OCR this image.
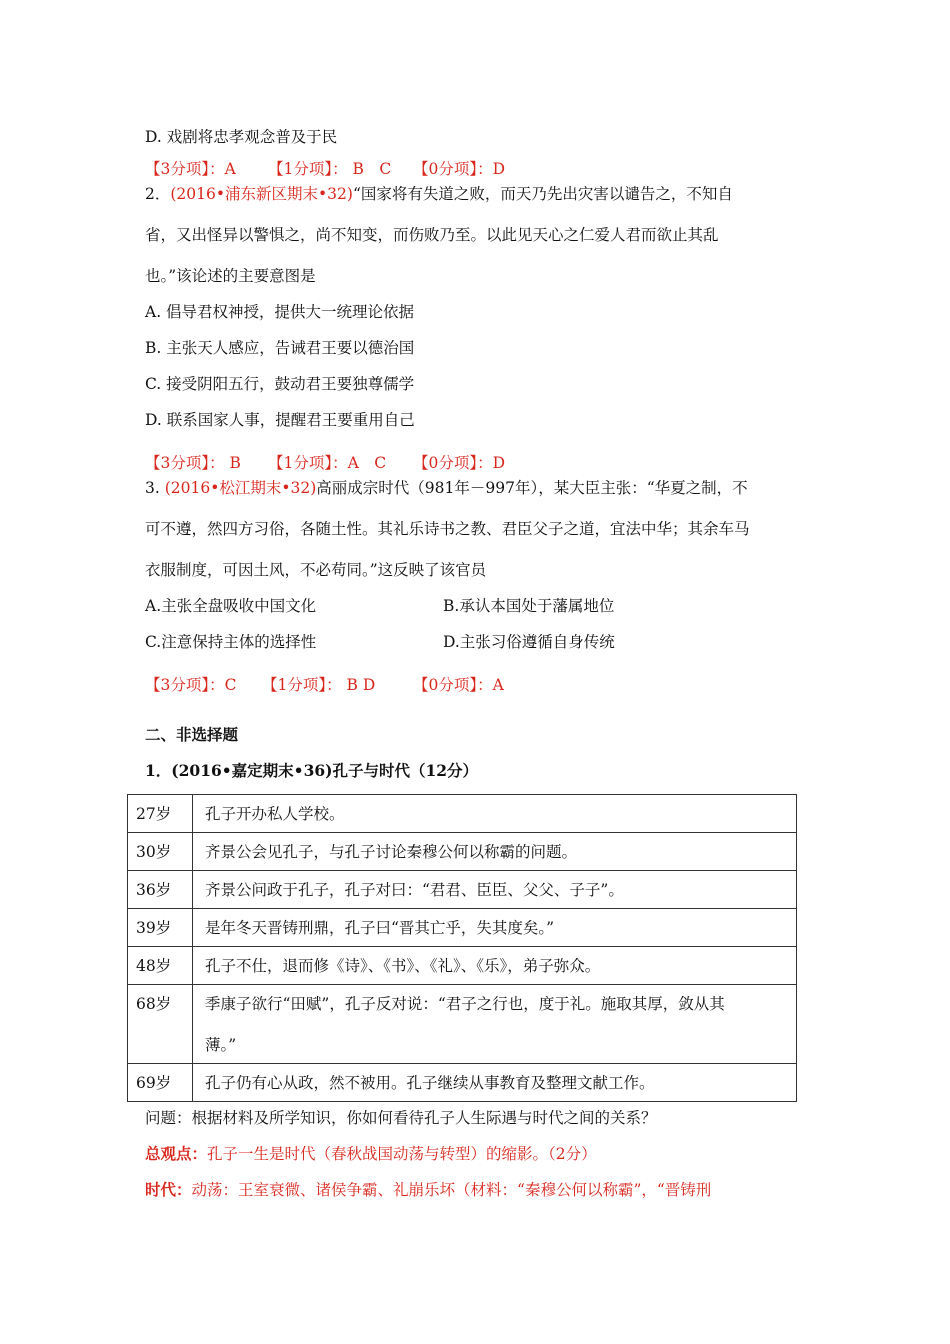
D. 戏剧将忠孝观念普及于民
【3分项】：A 【1分项】： B　C 【0分项】：D
2．(2016•浦东新区期末•32)“国家将有失道之败，而天乃先出灾害以谴告之，不知自
省，又出怪异以警惧之，尚不知变，而伤败乃至。以此见天心之仁爱人君而欲止其乱
也。”该论述的主要意图是
A. 倡导君权神授，提供大一统理论依据
B. 主张天人感应，告诫君王要以德治国
C. 接受阴阳五行，鼓动君王要独尊儒学
D. 联系国家人事，提醒君王要重用自己
【3分项】： B 【1分项】：A　C 【0分项】：D
3. (2016•松江期末•32)高丽成宗时代（981年－997年），某大臣主张：“华夏之制，不
可不遵，然四方习俗，各随土性。其礼乐诗书之教、君臣父子之道，宜法中华；其余车马
衣服制度，可因土风，不必苟同。”这反映了该官员
A.主张全盘吸收中国文化	B.承认本国处于藩属地位
C.注意保持主体的选择性	D.主张习俗遵循自身传统
【3分项】：C 【1分项】： B D 【0分项】：A
二、非选择题
1．(2016•嘉定期末•36)孔子与时代（12分）
27岁	孔子开办私人学校。
30岁	齐景公会见孔子，与孔子讨论秦穆公何以称霸的问题。
36岁	齐景公问政于孔子，孔子对曰：“君君、臣臣、父父、子子”。
39岁	是年冬天晋铸刑鼎，孔子曰“晋其亡乎，失其度矣。”
48岁	孔子不仕，退而修《诗》、《书》、《礼》、《乐》，弟子弥众。
68岁	季康子欲行“田赋”，孔子反对说：“君子之行也，度于礼。施取其厚，敛从其
薄。”

69岁	孔子仍有心从政，然不被用。孔子继续从事教育及整理文献工作。
问题：根据材料及所学知识，你如何看待孔子人生际遇与时代之间的关系？
总观点：孔子一生是时代（春秋战国动荡与转型）的缩影。（2分）
时代：动荡：王室衰微、诸侯争霸、礼崩乐坏（材料：“秦穆公何以称霸”，“晋铸刑
